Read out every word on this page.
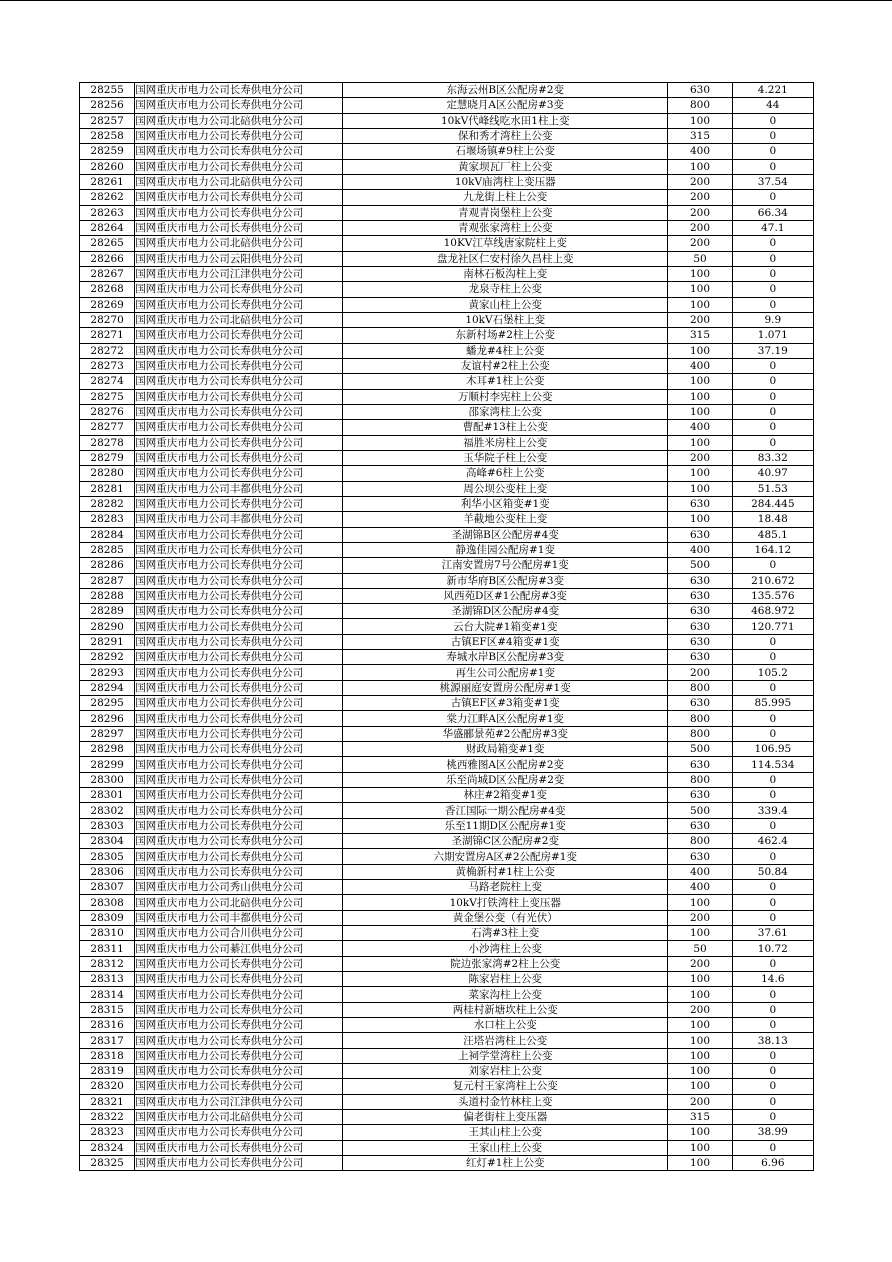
28255	国网重庆市电力公司长寿供电分公司	东海云州B区公配房#2变	630	4.221
28256	国网重庆市电力公司长寿供电分公司	定慧晓月A区公配房#3变	800	44
28257	国网重庆市电力公司北碚供电分公司	10kV代峰线吃水田1柱上变	100	0
28258	国网重庆市电力公司长寿供电分公司	保和秀才湾柱上公变	315	0
28259	国网重庆市电力公司长寿供电分公司	石堰场镇#9柱上公变	400	0
28260	国网重庆市电力公司长寿供电分公司	黄家坝瓦厂柱上公变	100	0
28261	国网重庆市电力公司北碚供电分公司	10kV庙湾柱上变压器	200	37.54
28262	国网重庆市电力公司长寿供电分公司	九龙街上柱上公变	200	0
28263	国网重庆市电力公司长寿供电分公司	青观青岗堡柱上公变	200	66.34
28264	国网重庆市电力公司长寿供电分公司	青观张家湾柱上公变	200	47.1
28265	国网重庆市电力公司北碚供电分公司	10KV江草线唐家院柱上变	200	0
28266	国网重庆市电力公司云阳供电分公司	盘龙社区仁安村徐久昌柱上变	50	0
28267	国网重庆市电力公司江津供电分公司	南林石板沟柱上变	100	0
28268	国网重庆市电力公司长寿供电分公司	龙泉寺柱上公变	100	0
28269	国网重庆市电力公司长寿供电分公司	黄家山柱上公变	100	0
28270	国网重庆市电力公司北碚供电分公司	10kV石堡柱上变	200	9.9
28271	国网重庆市电力公司长寿供电分公司	东新村场#2柱上公变	315	1.071
28272	国网重庆市电力公司长寿供电分公司	蟠龙#4柱上公变	100	37.19
28273	国网重庆市电力公司长寿供电分公司	友谊村#2柱上公变	400	0
28274	国网重庆市电力公司长寿供电分公司	木耳#1柱上公变	100	0
28275	国网重庆市电力公司长寿供电分公司	万顺村李宪柱上公变	100	0
28276	国网重庆市电力公司长寿供电分公司	邵家湾柱上公变	100	0
28277	国网重庆市电力公司长寿供电分公司	曹配#13柱上公变	400	0
28278	国网重庆市电力公司长寿供电分公司	福胜米房柱上公变	100	0
28279	国网重庆市电力公司长寿供电分公司	玉华院子柱上公变	200	83.32
28280	国网重庆市电力公司长寿供电分公司	高峰#6柱上公变	100	40.97
28281	国网重庆市电力公司丰都供电分公司	周公坝公变柱上变	100	51.53
28282	国网重庆市电力公司长寿供电分公司	利华小区箱变#1变	630	284.445
28283	国网重庆市电力公司丰都供电分公司	羊截地公变柱上变	100	18.48
28284	国网重庆市电力公司长寿供电分公司	圣湖锦B区公配房#4变	630	485.1
28285	国网重庆市电力公司长寿供电分公司	静逸佳园公配房#1变	400	164.12
28286	国网重庆市电力公司长寿供电分公司	江南安置房7号公配房#1变	500	0
28287	国网重庆市电力公司长寿供电分公司	新市华府B区公配房#3变	630	210.672
28288	国网重庆市电力公司长寿供电分公司	风西苑D区#1公配房#3变	630	135.576
28289	国网重庆市电力公司长寿供电分公司	圣湖锦D区公配房#4变	630	468.972
28290	国网重庆市电力公司长寿供电分公司	云台大院#1箱变#1变	630	120.771
28291	国网重庆市电力公司长寿供电分公司	古镇EF区#4箱变#1变	630	0
28292	国网重庆市电力公司长寿供电分公司	寿城水岸B区公配房#3变	630	0
28293	国网重庆市电力公司长寿供电分公司	再生公司公配房#1变	200	105.2
28294	国网重庆市电力公司长寿供电分公司	桃源丽庭安置房公配房#1变	800	0
28295	国网重庆市电力公司长寿供电分公司	古镇EF区#3箱变#1变	630	85.995
28296	国网重庆市电力公司长寿供电分公司	棠力江畔A区公配房#1变	800	0
28297	国网重庆市电力公司长寿供电分公司	华盛郦景苑#2公配房#3变	800	0
28298	国网重庆市电力公司长寿供电分公司	财政局箱变#1变	500	106.95
28299	国网重庆市电力公司长寿供电分公司	桃西雅图A区公配房#2变	630	114.534
28300	国网重庆市电力公司长寿供电分公司	乐至尚城D区公配房#2变	800	0
28301	国网重庆市电力公司长寿供电分公司	林庄#2箱变#1变	630	0
28302	国网重庆市电力公司长寿供电分公司	香江国际一期公配房#4变	500	339.4
28303	国网重庆市电力公司长寿供电分公司	乐至11期D区公配房#1变	630	0
28304	国网重庆市电力公司长寿供电分公司	圣湖锦C区公配房#2变	800	462.4
28305	国网重庆市电力公司长寿供电分公司	六期安置房A区#2公配房#1变	630	0
28306	国网重庆市电力公司长寿供电分公司	黄桷新村#1柱上公变	400	50.84
28307	国网重庆市电力公司秀山供电分公司	马路老院柱上变	400	0
28308	国网重庆市电力公司北碚供电分公司	10kV打铁湾柱上变压器	100	0
28309	国网重庆市电力公司丰都供电分公司	黄金堡公变（有光伏）	200	0
28310	国网重庆市电力公司合川供电分公司	石湾#3柱上变	100	37.61
28311	国网重庆市电力公司綦江供电分公司	小沙湾柱上公变	50	10.72
28312	国网重庆市电力公司长寿供电分公司	院边张家湾#2柱上公变	200	0
28313	国网重庆市电力公司长寿供电分公司	陈家岩柱上公变	100	14.6
28314	国网重庆市电力公司长寿供电分公司	菜家沟柱上公变	100	0
28315	国网重庆市电力公司长寿供电分公司	两桂村新塘坎柱上公变	200	0
28316	国网重庆市电力公司长寿供电分公司	水口柱上公变	100	0
28317	国网重庆市电力公司长寿供电分公司	汪塔岩湾柱上公变	100	38.13
28318	国网重庆市电力公司长寿供电分公司	上祠学堂湾柱上公变	100	0
28319	国网重庆市电力公司长寿供电分公司	刘家岩柱上公变	100	0
28320	国网重庆市电力公司长寿供电分公司	复元村王家湾柱上公变	100	0
28321	国网重庆市电力公司江津供电分公司	头道村金竹林柱上变	200	0
28322	国网重庆市电力公司北碚供电分公司	偏老街柱上变压器	315	0
28323	国网重庆市电力公司长寿供电分公司	王其山柱上公变	100	38.99
28324	国网重庆市电力公司长寿供电分公司	王家山柱上公变	100	0
28325	国网重庆市电力公司长寿供电分公司	红灯#1柱上公变	100	6.96
